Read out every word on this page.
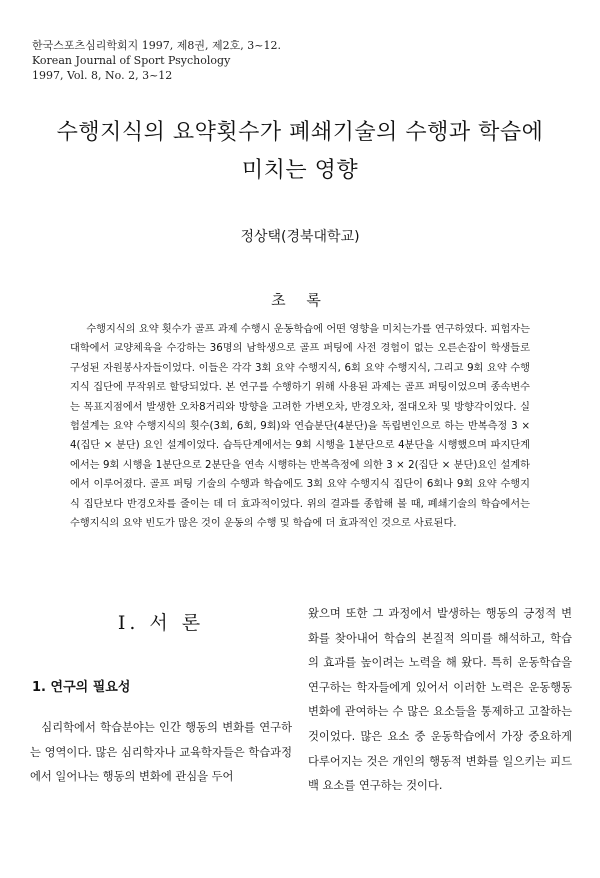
한국스포츠심리학회지 1997, 제8권, 제2호, 3~12.
Korean Journal of Sport Psychology
1997, Vol. 8, No. 2, 3~12
수행지식의 요약횟수가 폐쇄기술의 수행과 학습에
미치는 영향
정상택(경북대학교)
초 록

수행지식의 요약 횟수가 골프 과제 수행시 운동학습에 어떤 영향을 미치는가를 연구하였다. 피험자는 대학에서 교양체육을 수강하는 36명의 남학생으로 골프 퍼팅에 사전 경험이 없는 오른손잡이 학생들로 구성된 자원봉사자들이었다. 이들은 각각 3회 요약 수행지식, 6회 요약 수행지식, 그리고 9회 요약 수행지식 집단에 무작위로 할당되었다. 본 연구를 수행하기 위해 사용된 과제는 골프 퍼팅이었으며 종속변수는 목표지점에서 발생한 오차8거리와 방향을 고려한 가변오차, 반경오차, 절대오차 및 방향각이었다. 실험설계는 요약 수행지식의 횟수(3회, 6회, 9회)와 연습분단(4분단)을 독립변인으로 하는 반복측정 3 × 4(집단 × 분단) 요인 설계이었다. 습득단계에서는 9회 시행을 1분단으로 4분단을 시행했으며 파지단계에서는 9회 시행을 1분단으로 2분단을 연속 시행하는 반복측정에 의한 3 × 2(집단 × 분단)요인 설계하에서 이루어졌다. 골프 퍼팅 기술의 수행과 학습에도 3회 요약 수행지식 집단이 6회나 9회 요약 수행지식 집단보다 반경오차를 줄이는 데 더 효과적이었다. 위의 결과를 종합해 볼 때, 폐쇄기술의 학습에서는 수행지식의 요약 빈도가 많은 것이 운동의 수행 및 학습에 더 효과적인 것으로 사료된다.

Ⅰ. 서 론
1. 연구의 필요성

심리학에서 학습분야는 인간 행동의 변화를 연구하는 영역이다. 많은 심리학자나 교육학자들은 학습과정에서 일어나는 행동의 변화에 관심을 두어

왔으며 또한 그 과정에서 발생하는 행동의 긍정적 변화를 찾아내어 학습의 본질적 의미를 해석하고, 학습의 효과를 높이려는 노력을 해 왔다. 특히 운동학습을 연구하는 학자들에게 있어서 이러한 노력은 운동행동 변화에 관여하는 수 많은 요소들을 통제하고 고찰하는 것이었다. 많은 요소 중 운동학습에서 가장 중요하게 다루어지는 것은 개인의 행동적 변화를 일으키는 피드백 요소를 연구하는 것이다.
